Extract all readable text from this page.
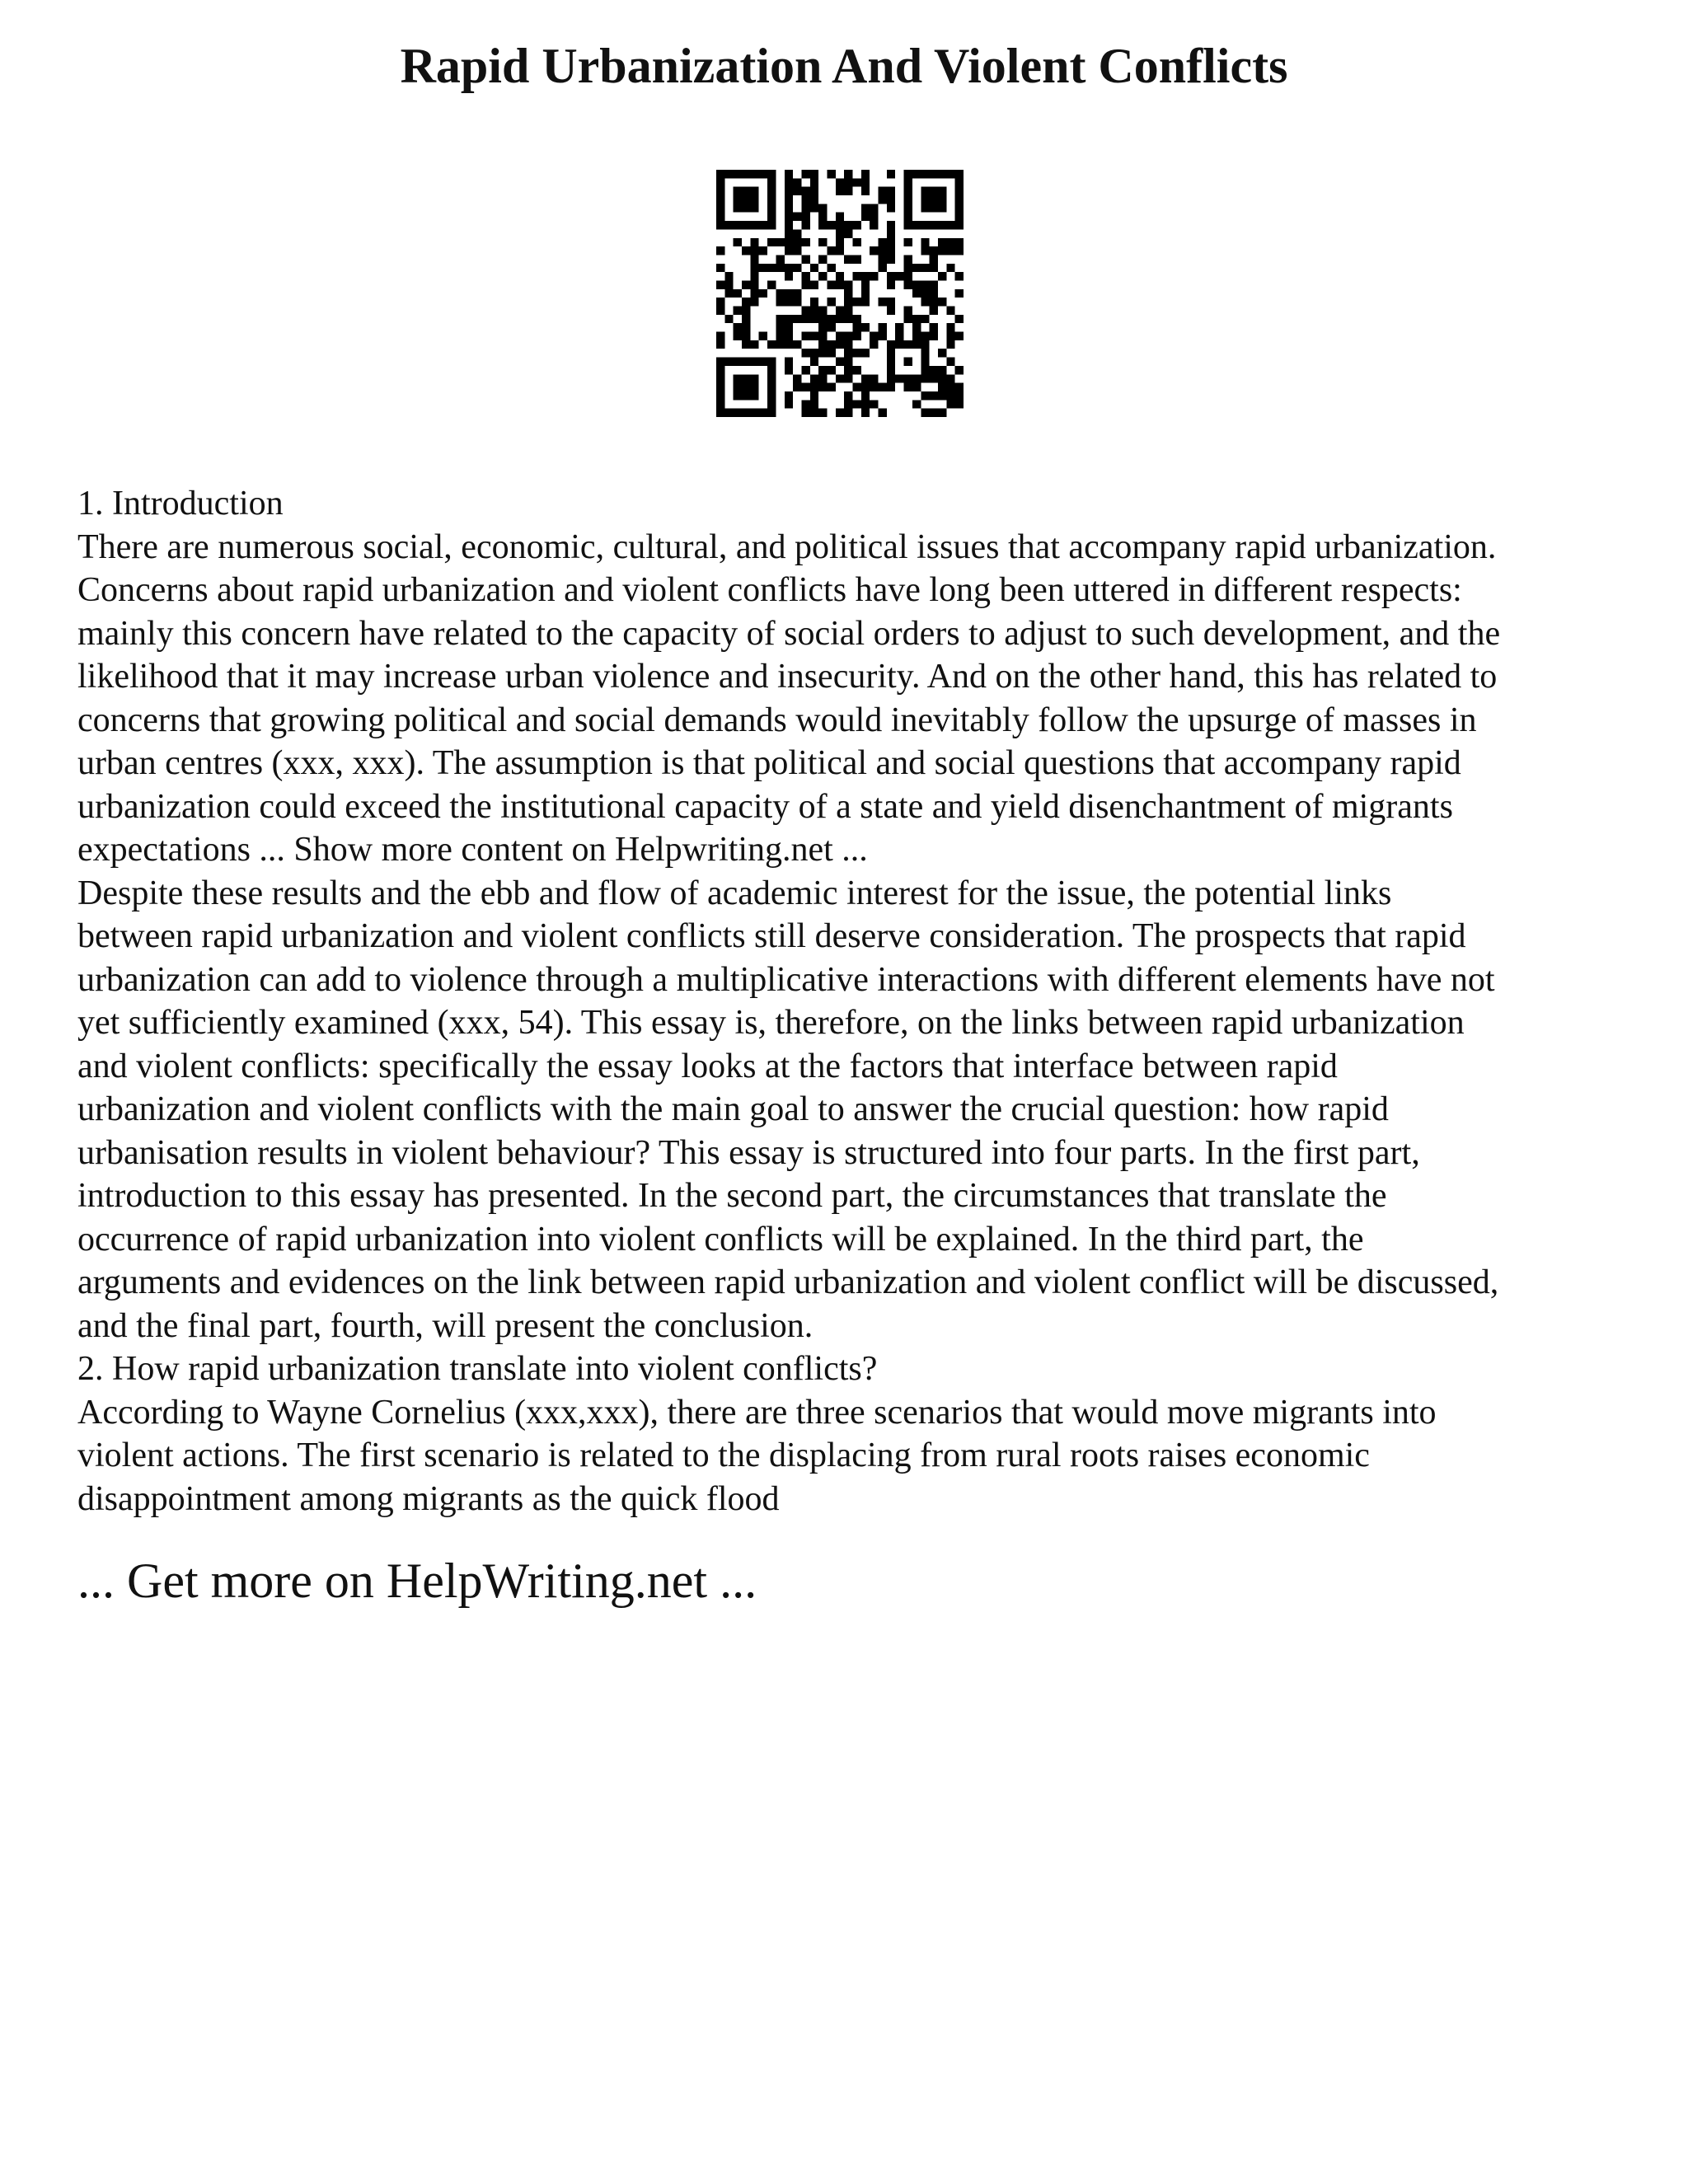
Rapid Urbanization And Violent Conflicts
1. Introduction
There are numerous social, economic, cultural, and political issues that accompany rapid urbanization.
Concerns about rapid urbanization and violent conflicts have long been uttered in different respects:
mainly this concern have related to the capacity of social orders to adjust to such development, and the
likelihood that it may increase urban violence and insecurity. And on the other hand, this has related to
concerns that growing political and social demands would inevitably follow the upsurge of masses in
urban centres (xxx, xxx). The assumption is that political and social questions that accompany rapid
urbanization could exceed the institutional capacity of a state and yield disenchantment of migrants
expectations ... Show more content on Helpwriting.net ...
Despite these results and the ebb and flow of academic interest for the issue, the potential links
between rapid urbanization and violent conflicts still deserve consideration. The prospects that rapid
urbanization can add to violence through a multiplicative interactions with different elements have not
yet sufficiently examined (xxx, 54). This essay is, therefore, on the links between rapid urbanization
and violent conflicts: specifically the essay looks at the factors that interface between rapid
urbanization and violent conflicts with the main goal to answer the crucial question: how rapid
urbanisation results in violent behaviour? This essay is structured into four parts. In the first part,
introduction to this essay has presented. In the second part, the circumstances that translate the
occurrence of rapid urbanization into violent conflicts will be explained. In the third part, the
arguments and evidences on the link between rapid urbanization and violent conflict will be discussed,
and the final part, fourth, will present the conclusion.
2. How rapid urbanization translate into violent conflicts?
According to Wayne Cornelius (xxx,xxx), there are three scenarios that would move migrants into
violent actions. The first scenario is related to the displacing from rural roots raises economic
disappointment among migrants as the quick flood
... Get more on HelpWriting.net ...
